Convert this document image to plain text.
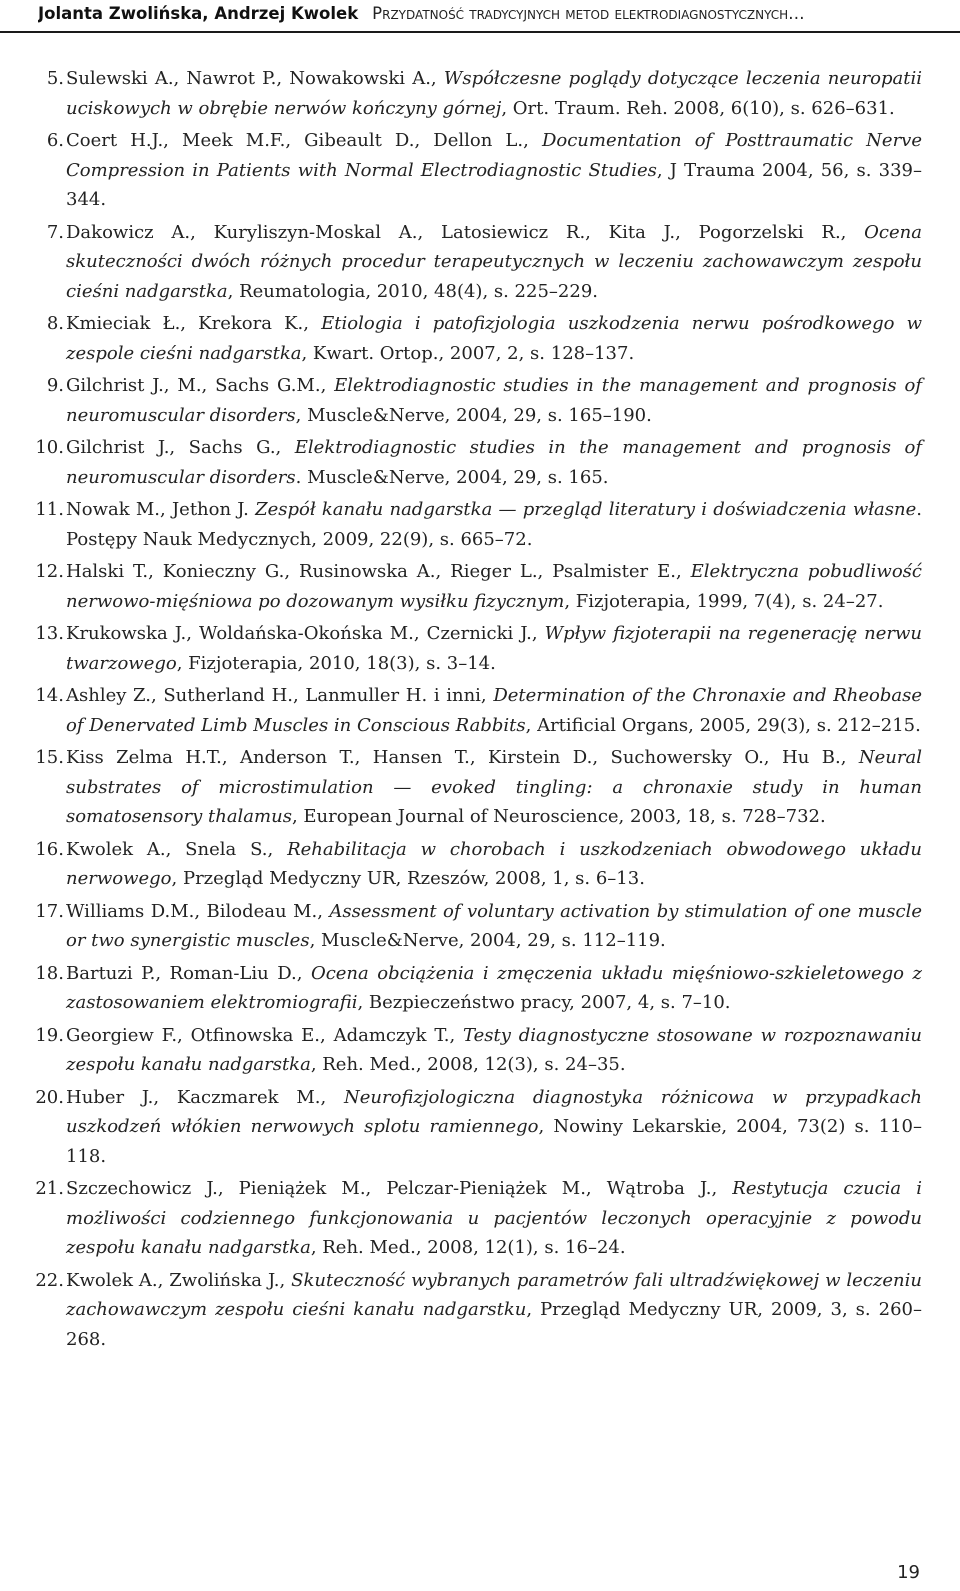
Jolanta Zwolińska, Andrzej Kwolek Przydatność tradycyjnych metod elektrodiagnostycznych…
5. Sulewski A., Nawrot P., Nowakowski A., Współczesne poglądy dotyczące leczenia neuropatii uciskowych w obrębie nerwów kończyny górnej, Ort. Traum. Reh. 2008, 6(10), s. 626–631.
6. Coert H.J., Meek M.F., Gibeault D., Dellon L., Documentation of Posttraumatic Nerve Compression in Patients with Normal Electrodiagnostic Studies, J Trauma 2004, 56, s. 339–344.
7. Dakowicz A., Kuryliszyn-Moskal A., Latosiewicz R., Kita J., Pogorzelski R., Ocena skuteczności dwóch różnych procedur terapeutycznych w leczeniu zachowawczym zespołu cieśni nadgarstka, Reumatologia, 2010, 48(4), s. 225–229.
8. Kmieciak Ł., Krekora K., Etiologia i patofizjologia uszkodzenia nerwu pośrodkowego w zespole cieśni nadgarstka, Kwart. Ortop., 2007, 2, s. 128–137.
9. Gilchrist J., M., Sachs G.M., Elektrodiagnostic studies in the management and prognosis of neuromuscular disorders, Muscle&Nerve, 2004, 29, s. 165–190.
10. Gilchrist J., Sachs G., Elektrodiagnostic studies in the management and prognosis of neuromuscular disorders. Muscle&Nerve, 2004, 29, s. 165.
11. Nowak M., Jethon J. Zespół kanału nadgarstka — przegląd literatury i doświadczenia własne. Postępy Nauk Medycznych, 2009, 22(9), s. 665–72.
12. Halski T., Konieczny G., Rusinowska A., Rieger L., Psalmister E., Elektryczna pobudliwość nerwowo-mięśniowa po dozowanym wysiłku fizycznym, Fizjoterapia, 1999, 7(4), s. 24–27.
13. Krukowska J., Woldańska-Okońska M., Czernicki J., Wpływ fizjoterapii na regenerację nerwu twarzowego, Fizjoterapia, 2010, 18(3), s. 3–14.
14. Ashley Z., Sutherland H., Lanmuller H. i inni, Determination of the Chronaxie and Rheobase of Denervated Limb Muscles in Conscious Rabbits, Artificial Organs, 2005, 29(3), s. 212–215.
15. Kiss Zelma H.T., Anderson T., Hansen T., Kirstein D., Suchowersky O., Hu B., Neural substrates of microstimulation — evoked tingling: a chronaxie study in human somatosensory thalamus, European Journal of Neuroscience, 2003, 18, s. 728–732.
16. Kwolek A., Snela S., Rehabilitacja w chorobach i uszkodzeniach obwodowego układu nerwowego, Przegląd Medyczny UR, Rzeszów, 2008, 1, s. 6–13.
17. Williams D.M., Bilodeau M., Assessment of voluntary activation by stimulation of one muscle or two synergistic muscles, Muscle&Nerve, 2004, 29, s. 112–119.
18. Bartuzi P., Roman-Liu D., Ocena obciążenia i zmęczenia układu mięśniowo-szkieletowego z zastosowaniem elektromiografii, Bezpieczeństwo pracy, 2007, 4, s. 7–10.
19. Georgiew F., Otfinowska E., Adamczyk T., Testy diagnostyczne stosowane w rozpoznawaniu zespołu kanału nadgarstka, Reh. Med., 2008, 12(3), s. 24–35.
20. Huber J., Kaczmarek M., Neurofizjologiczna diagnostyka różnicowa w przypadkach uszkodzeń włókien nerwowych splotu ramiennego, Nowiny Lekarskie, 2004, 73(2) s. 110–118.
21. Szczechowicz J., Pieniążek M., Pelczar-Pieniążek M., Wątroba J., Restytucja czucia i możliwości codziennego funkcjonowania u pacjentów leczonych operacyjnie z powodu zespołu kanału nadgarstka, Reh. Med., 2008, 12(1), s. 16–24.
22. Kwolek A., Zwolińska J., Skuteczność wybranych parametrów fali ultradźwiękowej w leczeniu zachowawczym zespołu cieśni kanału nadgarstku, Przegląd Medyczny UR, 2009, 3, s. 260–268.
19
